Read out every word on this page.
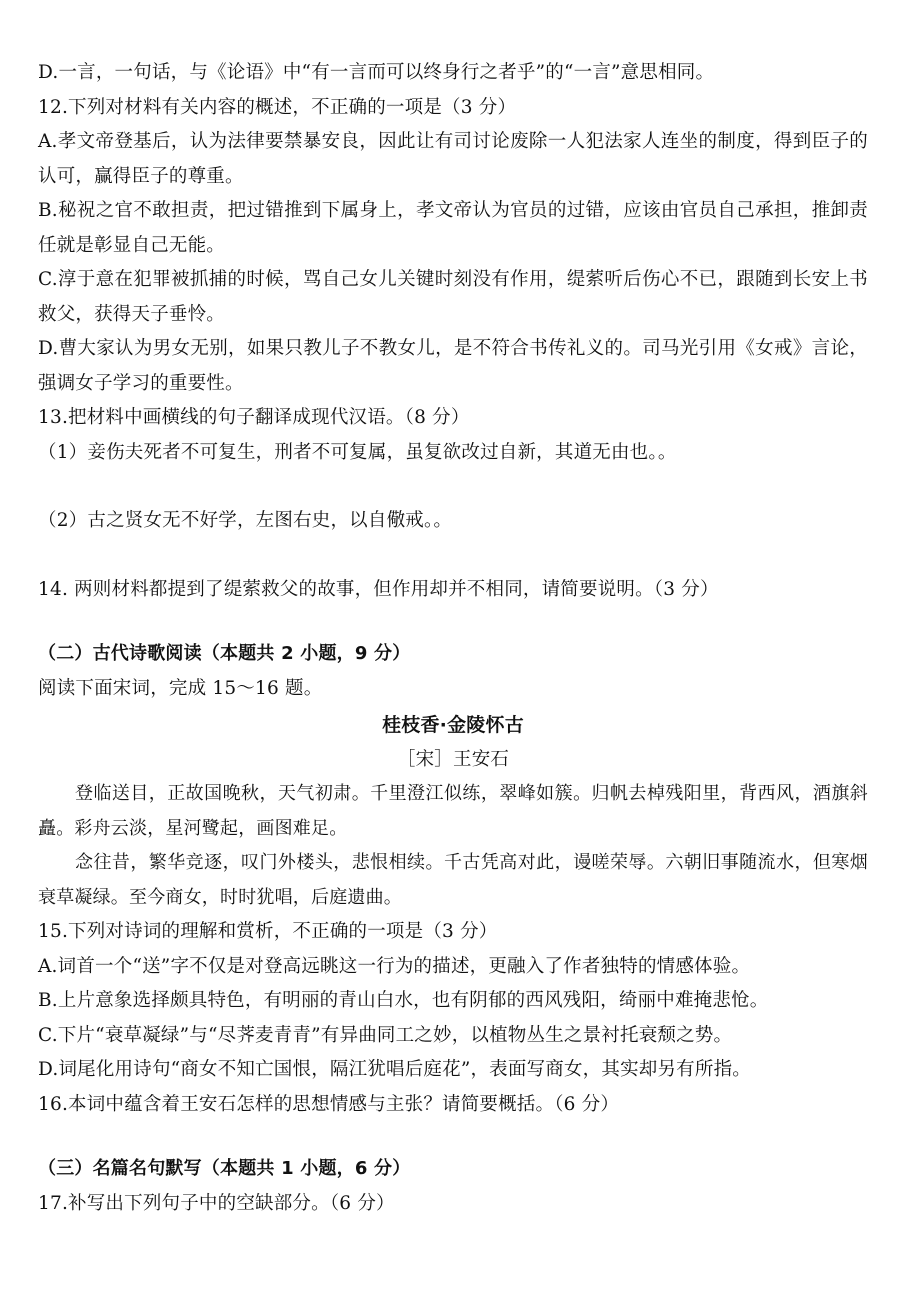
D.一言，一句话，与《论语》中“有一言而可以终身行之者乎”的“一言”意思相同。
12.下列对材料有关内容的概述，不正确的一项是（3 分）
A.孝文帝登基后，认为法律要禁暴安良，因此让有司讨论废除一人犯法家人连坐的制度，得到臣子的认可，赢得臣子的尊重。
B.秘祝之官不敢担责，把过错推到下属身上，孝文帝认为官员的过错，应该由官员自己承担，推卸责任就是彰显自己无能。
C.淳于意在犯罪被抓捕的时候，骂自己女儿关键时刻没有作用，缇萦听后伤心不已，跟随到长安上书救父，获得天子垂怜。
D.曹大家认为男女无别，如果只教儿子不教女儿，是不符合书传礼义的。司马光引用《女戒》言论，强调女子学习的重要性。
13.把材料中画横线的句子翻译成现代汉语。（8 分）
（1）妾伤夫死者不可复生，刑者不可复属，虽复欲改过自新，其道无由也。。
（2）古之贤女无不好学，左图右史，以自儆戒。。
14. 两则材料都提到了缇萦救父的故事，但作用却并不相同，请简要说明。（3 分）
（二）古代诗歌阅读（本题共 2 小题，9 分）
阅读下面宋词，完成 15～16 题。
桂枝香·金陵怀古
［宋］王安石
登临送目，正故国晚秋，天气初肃。千里澄江似练，翠峰如簇。归帆去棹残阳里，背西风，酒旗斜矗。彩舟云淡，星河鹭起，画图难足。
念往昔，繁华竞逐，叹门外楼头，悲恨相续。千古凭高对此，谩嗟荣辱。六朝旧事随流水，但寒烟衰草凝绿。至今商女，时时犹唱，后庭遗曲。
15.下列对诗词的理解和赏析，不正确的一项是（3 分）
A.词首一个“送”字不仅是对登高远眺这一行为的描述，更融入了作者独特的情感体验。
B.上片意象选择颇具特色，有明丽的青山白水，也有阴郁的西风残阳，绮丽中难掩悲怆。
C.下片“衰草凝绿”与“尽荠麦青青”有异曲同工之妙，以植物丛生之景衬托衰颓之势。
D.词尾化用诗句“商女不知亡国恨，隔江犹唱后庭花”，表面写商女，其实却另有所指。
16.本词中蕴含着王安石怎样的思想情感与主张？请简要概括。（6 分）
（三）名篇名句默写（本题共 1 小题，6 分）
17.补写出下列句子中的空缺部分。（6 分）
